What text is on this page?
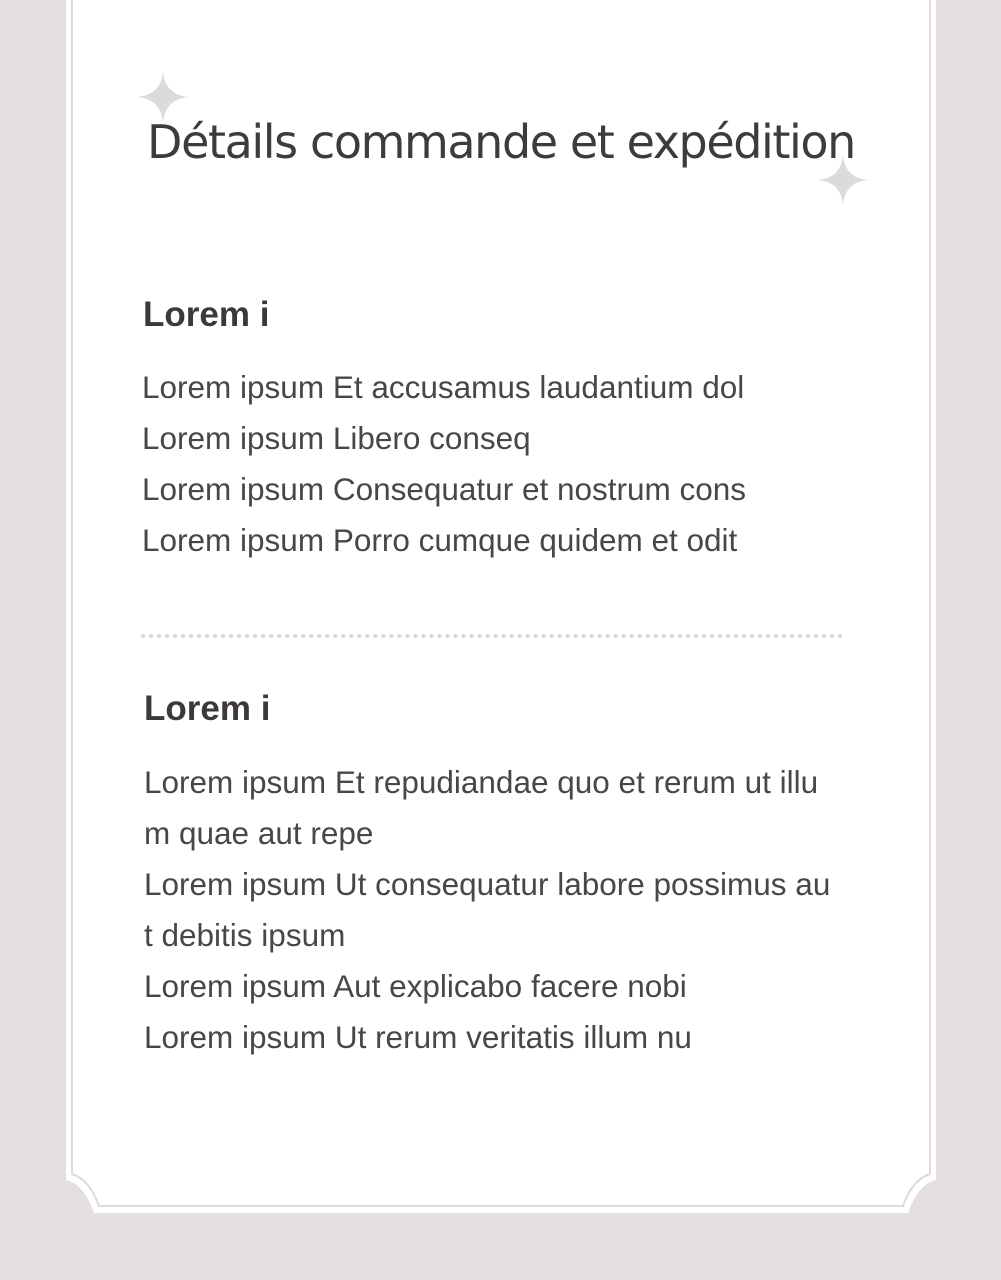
Détails commande et expédition
Lorem i
Lorem ipsum Et accusamus laudantium dol
Lorem ipsum Libero conseq
Lorem ipsum Consequatur et nostrum cons
Lorem ipsum Porro cumque quidem et odit
Lorem i
Lorem ipsum Et repudiandae quo et rerum ut illu
m quae aut repe
Lorem ipsum Ut consequatur labore possimus au
t debitis ipsum
Lorem ipsum Aut explicabo facere nobi
Lorem ipsum Ut rerum veritatis illum nu
